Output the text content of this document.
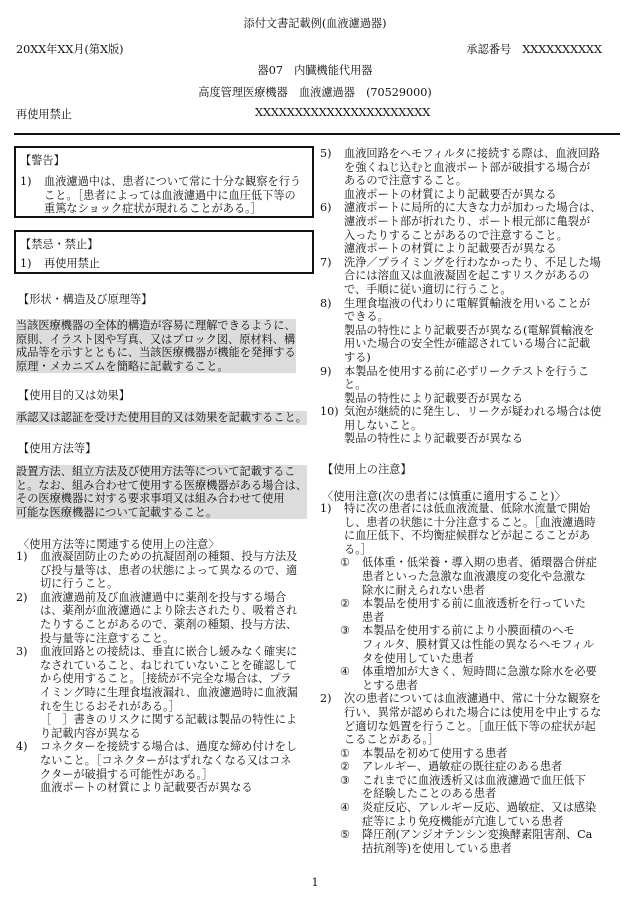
添付文書記載例(血液濾過器)
20XX年XX月(第X版)	承認番号　XXXXXXXXXX
器07　内臓機能代用器
高度管理医療機器　血液濾過器　(70529000)
再使用禁止	XXXXXXXXXXXXXXXXXXXXXX
【警告】
1)	血液濾過中は、患者について常に十分な観察を行う
こと。［患者によっては血液濾過中に血圧低下等の
重篤なショック症状が現れることがある。］
【禁忌・禁止】
1)	再使用禁止
【形状・構造及び原理等】
当該医療機器の全体的構造が容易に理解できるように、
原則、イラスト図や写真、又はブロック図、原材料、構
成品等を示すとともに、当該医療機器が機能を発揮する
原理・メカニズムを簡略に記載すること。
【使用目的又は効果】
承認又は認証を受けた使用目的又は効果を記載すること。
【使用方法等】
設置方法、組立方法及び使用方法等について記載するこ
と。なお、組み合わせて使用する医療機器がある場合は、
その医療機器に対する要求事項又は組み合わせて使用
可能な医療機器について記載すること。
〈使用方法等に関連する使用上の注意〉
1)	血液凝固防止のための抗凝固剤の種類、投与方法及
び投与量等は、患者の状態によって異なるので、適
切に行うこと。
2)	血液濾過前及び血液濾過中に薬剤を投与する場合
は、薬剤が血液濾過により除去されたり、吸着され
たりすることがあるので、薬剤の種類、投与方法、
投与量等に注意すること。
3)	血液回路との接続は、垂直に嵌合し緩みなく確実に
なされていること、ねじれていないことを確認して
から使用すること。［接続が不完全な場合は、プラ
イミング時に生理食塩液漏れ、血液濾過時に血液漏
れを生じるおそれがある。］
［　］書きのリスクに関する記載は製品の特性によ
り記載内容が異なる
4)	コネクターを接続する場合は、過度な締め付けをし
ないこと。［コネクターがはずれなくなる又はコネ
クターが破損する可能性がある。］
血液ポートの材質により記載要否が異なる
5)	血液回路をヘモフィルタに接続する際は、血液回路
を強くねじ込むと血液ポート部が破損する場合が
あるので注意すること。
血液ポートの材質により記載要否が異なる
6)	濾液ポートに局所的に大きな力が加わった場合は、
濾液ポート部が折れたり、ポート根元部に亀裂が
入ったりすることがあるので注意すること。
濾液ポートの材質により記載要否が異なる
7)	洗浄／プライミングを行わなかったり、不足した場
合には溶血又は血液凝固を起こすリスクがあるの
で、手順に従い適切に行うこと。
8)	生理食塩液の代わりに電解質輸液を用いることが
できる。
製品の特性により記載要否が異なる(電解質輸液を
用いた場合の安全性が確認されている場合に記載
する)
9)	本製品を使用する前に必ずリークテストを行うこ
と。
製品の特性により記載要否が異なる
10) 気泡が継続的に発生し、リークが疑われる場合は使
用しないこと。
製品の特性により記載要否が異なる
【使用上の注意】
〈使用注意(次の患者には慎重に適用すること)〉
1)	特に次の患者には低血液流量、低除水流量で開始
し、患者の状態に十分注意すること。［血液濾過時
に血圧低下、不均衡症候群などが起こることがあ
る。］
①	低体重・低栄養・導入期の患者、循環器合併症
患者といった急激な血液濃度の変化や急激な
除水に耐えられない患者
②	本製品を使用する前に血液透析を行っていた
患者
③	本製品を使用する前により小膜面積のヘモ
フィルタ、膜材質又は性能の異なるヘモフィル
タを使用していた患者
④	体重増加が大きく、短時間に急激な除水を必要
とする患者
2)	次の患者については血液濾過中、常に十分な観察を
行い、異常が認められた場合には使用を中止するな
ど適切な処置を行うこと。［血圧低下等の症状が起
こることがある。］
①	本製品を初めて使用する患者
②	アレルギー、過敏症の既往症のある患者
③	これまでに血液透析又は血液濾過で血圧低下
を経験したことのある患者
④	炎症反応、アレルギー反応、過敏症、又は感染
症等により免疫機能が亢進している患者
⑤	降圧剤(アンジオテンシン変換酵素阻害剤、Ca
拮抗剤等)を使用している患者
1
